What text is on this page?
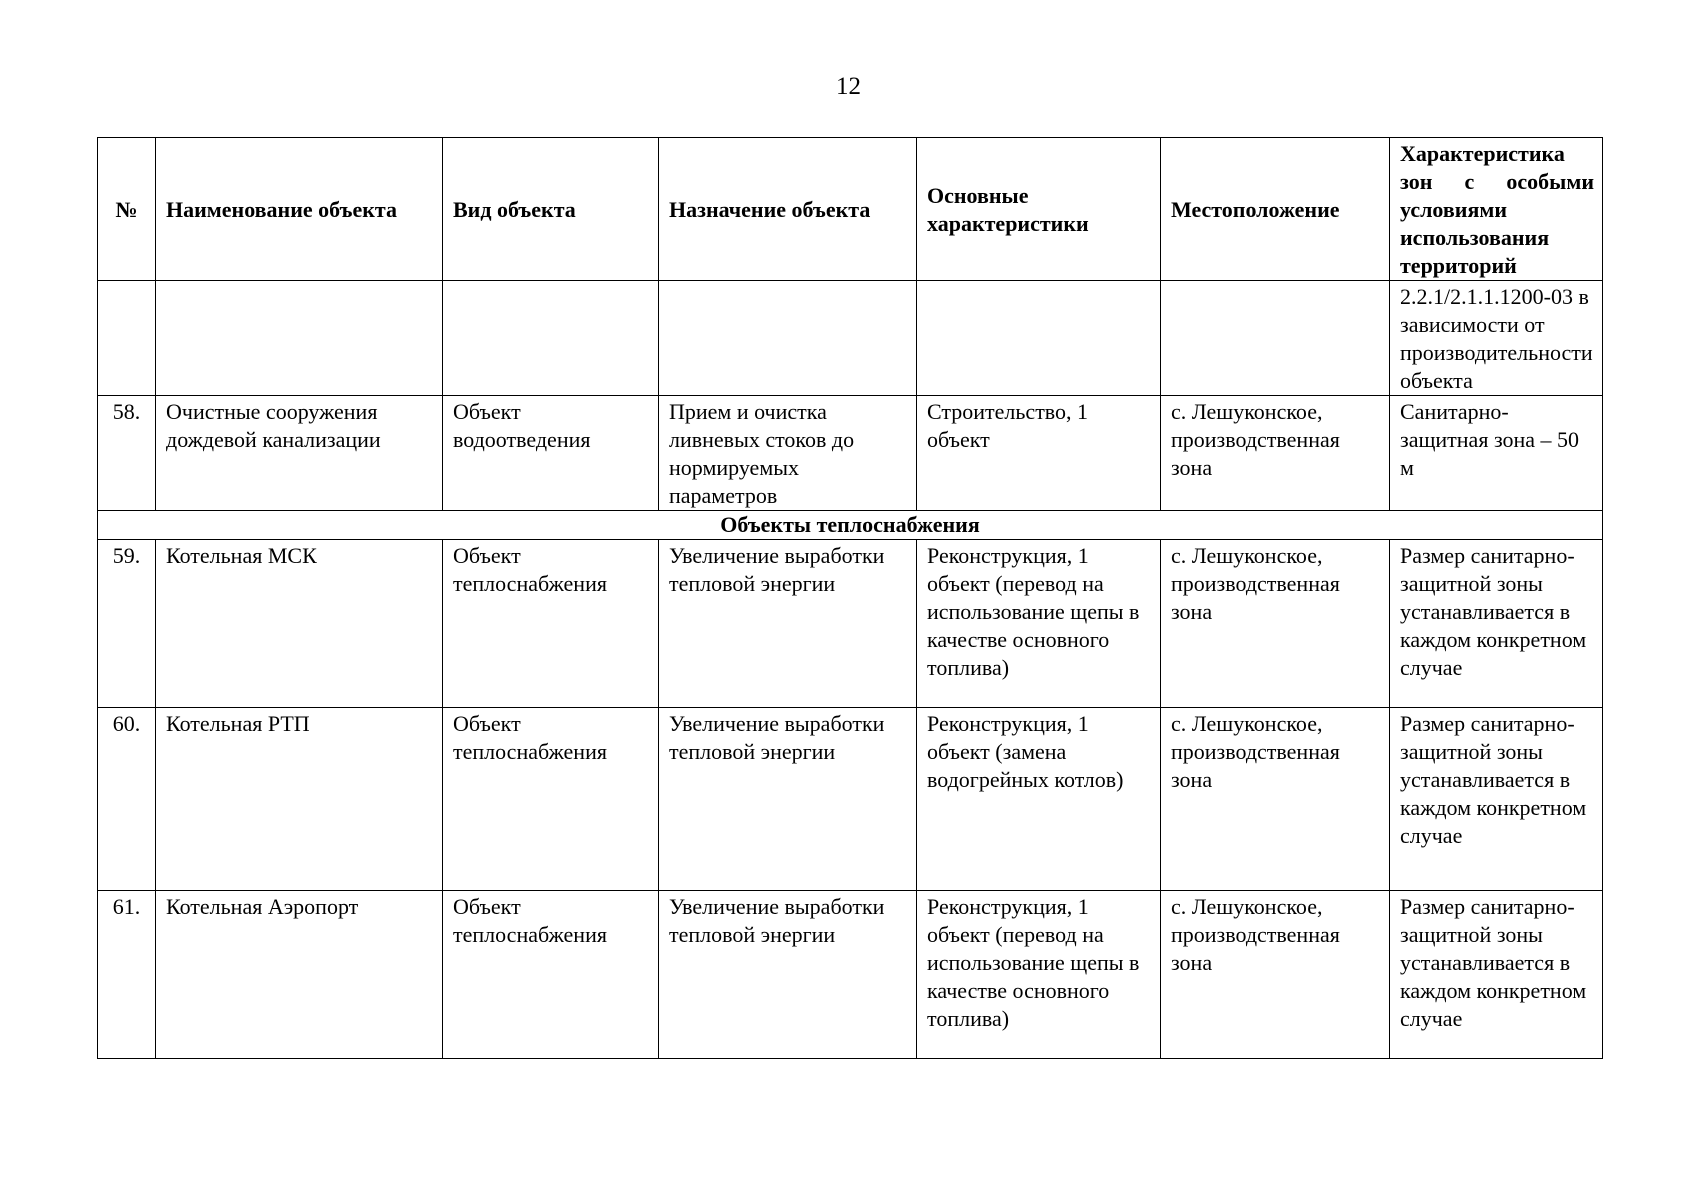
12
№	Наименование объекта	Вид объекта	Назначение объекта	Основные характеристики	Местоположение	Характеристика зон с особыми условиями использования территорий
						2.2.1/2.1.1.1200-03 в зависимости от производительности объекта
58.	Очистные сооружения дождевой канализации	Объект водоотведения	Прием и очистка ливневых стоков до нормируемых параметров	Строительство, 1 объект	с. Лешуконское, производственная зона	Санитарно-защитная зона – 50 м
Объекты теплоснабжения						
59.	Котельная МСК	Объект теплоснабжения	Увеличение выработки тепловой энергии	Реконструкция, 1 объект (перевод на использование щепы в качестве основного топлива)	с. Лешуконское, производственная зона	Размер санитарно-защитной зоны устанавливается в каждом конкретном случае
60.	Котельная РТП	Объект теплоснабжения	Увеличение выработки тепловой энергии	Реконструкция, 1 объект (замена водогрейных котлов)	с. Лешуконское, производственная зона	Размер санитарно-защитной зоны устанавливается в каждом конкретном случае
61.	Котельная Аэропорт	Объект теплоснабжения	Увеличение выработки тепловой энергии	Реконструкция, 1 объект (перевод на использование щепы в качестве основного топлива)	с. Лешуконское, производственная зона	Размер санитарно-защитной зоны устанавливается в каждом конкретном случае
